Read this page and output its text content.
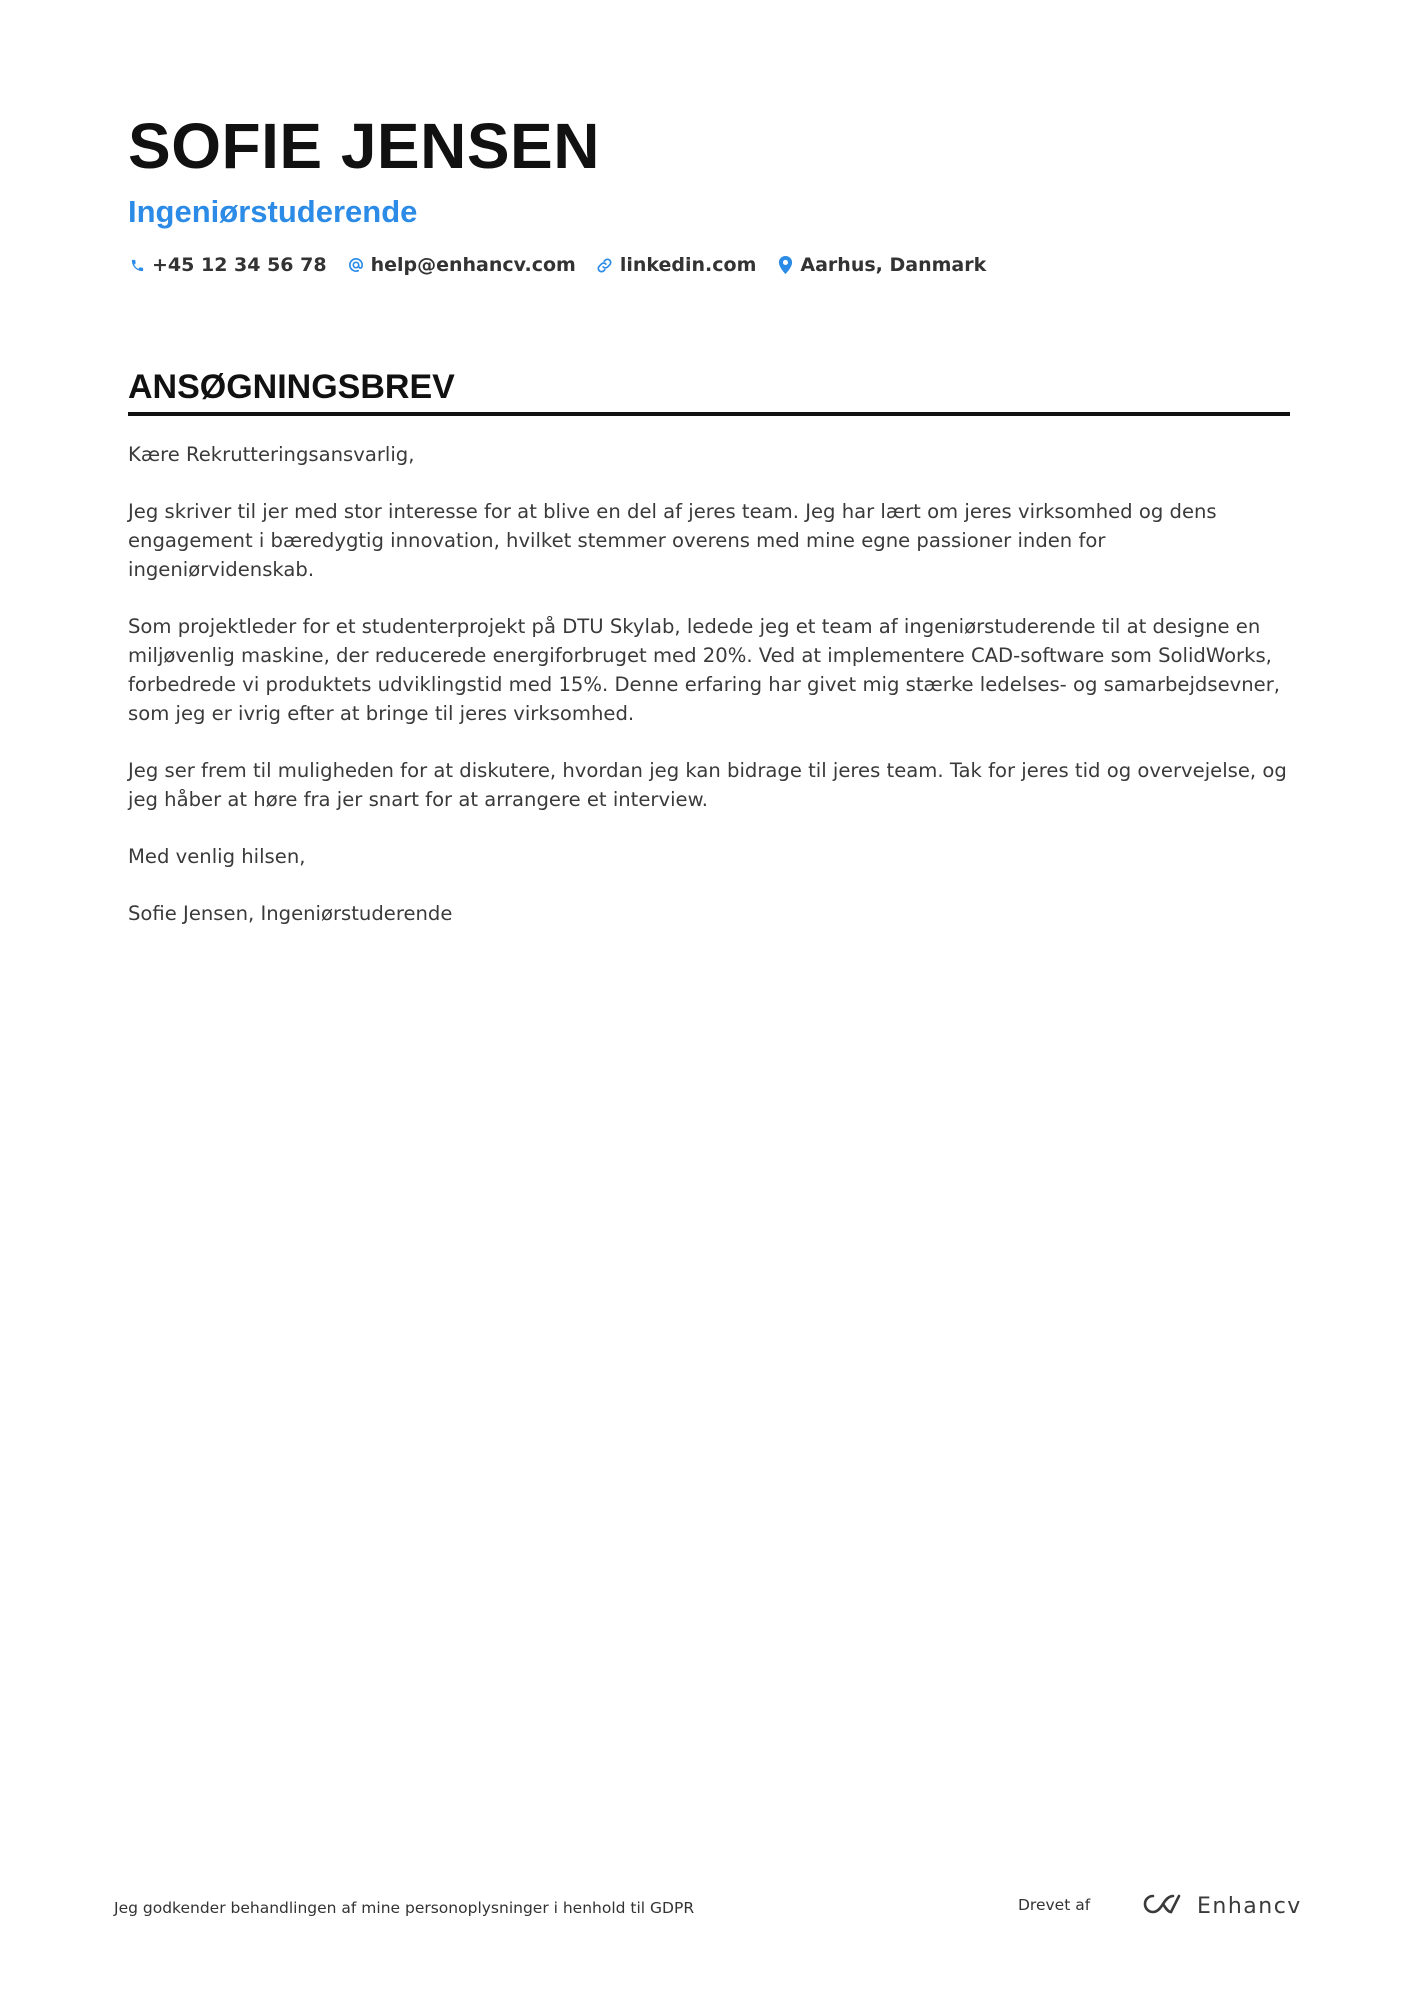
SOFIE JENSEN
Ingeniørstuderende
+45 12 34 56 78 help@enhancv.com linkedin.com Aarhus, Danmark
ANSØGNINGSBREV

Kære Rekrutteringsansvarlig,

Jeg skriver til jer med stor interesse for at blive en del af jeres team. Jeg har lært om jeres virksomhed og dens engagement i bæredygtig innovation, hvilket stemmer overens med mine egne passioner inden for ingeniørvidenskab.

Som projektleder for et studenterprojekt på DTU Skylab, ledede jeg et team af ingeniørstuderende til at designe en miljøvenlig maskine, der reducerede energiforbruget med 20%. Ved at implementere CAD-software som SolidWorks, forbedrede vi produktets udviklingstid med 15%. Denne erfaring har givet mig stærke ledelses- og samarbejdsevner, som jeg er ivrig efter at bringe til jeres virksomhed.

Jeg ser frem til muligheden for at diskutere, hvordan jeg kan bidrage til jeres team. Tak for jeres tid og overvejelse, og jeg håber at høre fra jer snart for at arrangere et interview.

Med venlig hilsen,

Sofie Jensen, Ingeniørstuderende

Jeg godkender behandlingen af mine personoplysninger i henhold til GDPR	Drevet af	Enhancv
